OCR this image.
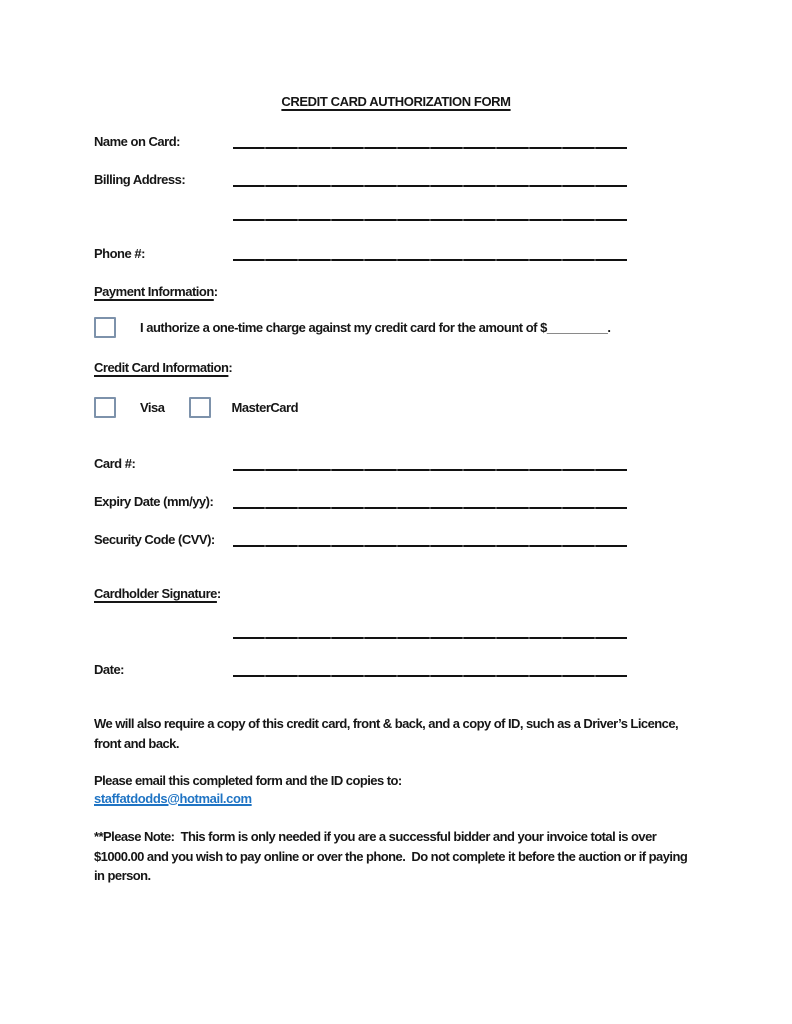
CREDIT CARD AUTHORIZATION FORM
Name on Card:
Billing Address:
Phone #:
Payment Information:
I authorize a one-time charge against my credit card for the amount of $_________.
Credit Card Information:
Visa	MasterCard
Card #:
Expiry Date (mm/yy):
Security Code (CVV):
Cardholder Signature:
Date:

We will also require a copy of this credit card, front & back, and a copy of ID, such as a Driver’s Licence, front and back.

Please email this completed form and the ID copies to:

staffatdodds@hotmail.com

**Please Note:  This form is only needed if you are a successful bidder and your invoice total is over $1000.00 and you wish to pay online or over the phone.  Do not complete it before the auction or if paying in person.
